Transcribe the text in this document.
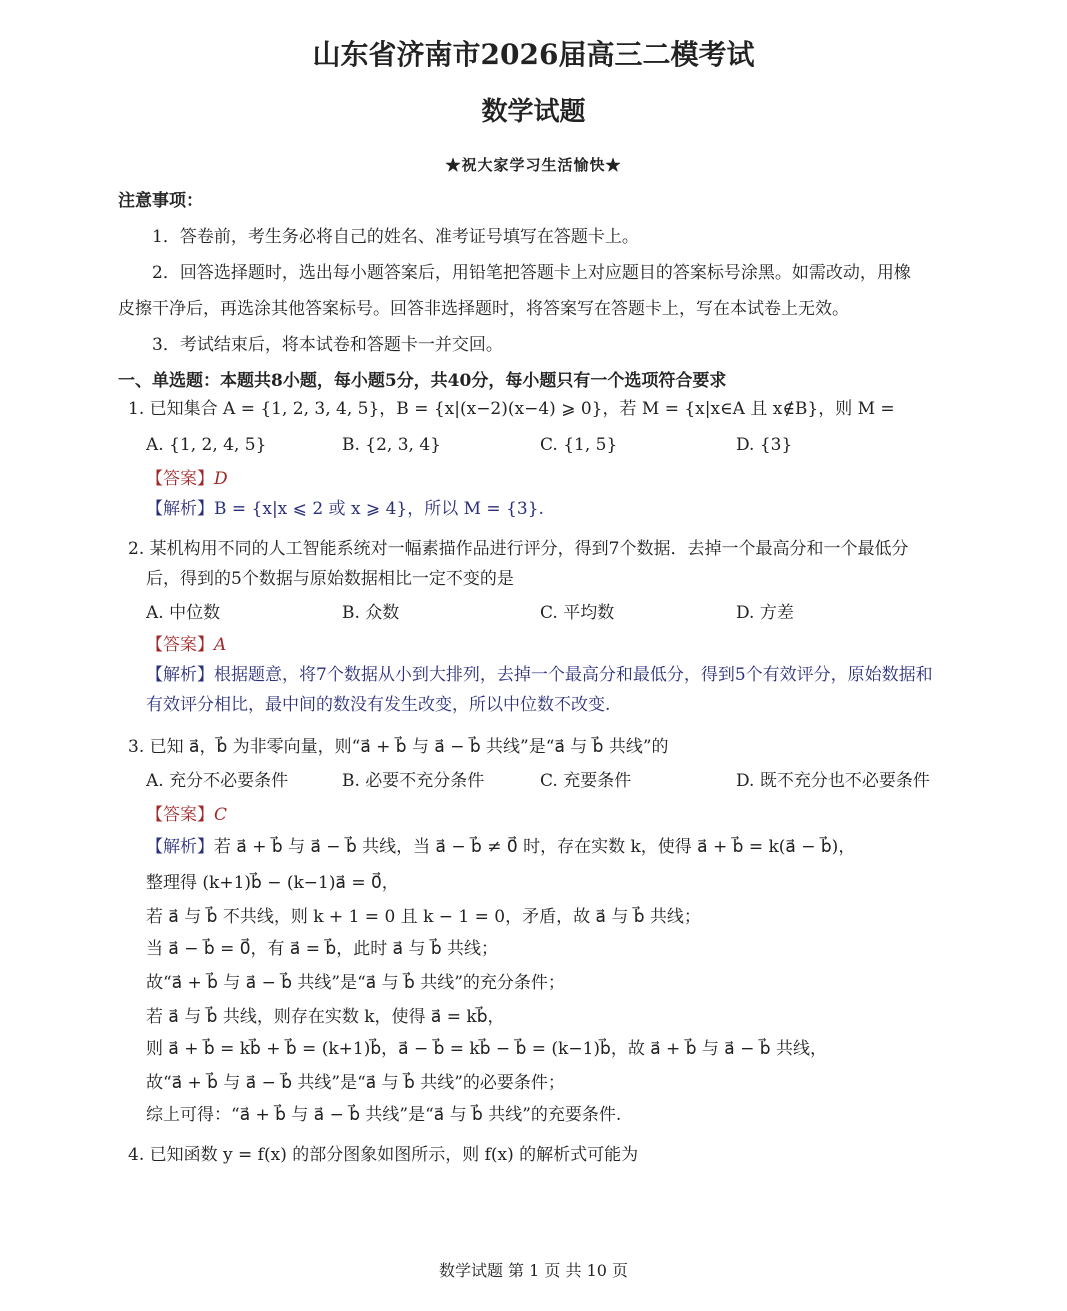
山东省济南市2026届高三二模考试
数学试题
★祝大家学习生活愉快★
注意事项：
1．答卷前，考生务必将自己的姓名、准考证号填写在答题卡上。
2．回答选择题时，选出每小题答案后，用铅笔把答题卡上对应题目的答案标号涂黑。如需改动，用橡
皮擦干净后，再选涂其他答案标号。回答非选择题时，将答案写在答题卡上，写在本试卷上无效。
3．考试结束后，将本试卷和答题卡一并交回。
一、单选题：本题共8小题，每小题5分，共40分，每小题只有一个选项符合要求
1. 已知集合 A = {1, 2, 3, 4, 5}，B = {x|(x−2)(x−4) ⩾ 0}，若 M = {x|x∈A 且 x∉B}，则 M =
A. {1, 2, 4, 5}	B. {2, 3, 4}	C. {1, 5}	D. {3}
【答案】D
【解析】B = {x|x ⩽ 2 或 x ⩾ 4}，所以 M = {3}.
2. 某机构用不同的人工智能系统对一幅素描作品进行评分，得到7个数据．去掉一个最高分和一个最低分
后，得到的5个数据与原始数据相比一定不变的是
A. 中位数	B. 众数	C. 平均数	D. 方差
【答案】A
【解析】根据题意，将7个数据从小到大排列，去掉一个最高分和最低分，得到5个有效评分，原始数据和
有效评分相比，最中间的数没有发生改变，所以中位数不改变.
3. 已知 a⃗，b⃗ 为非零向量，则“a⃗ + b⃗ 与 a⃗ − b⃗ 共线”是“a⃗ 与 b⃗ 共线”的
A. 充分不必要条件	B. 必要不充分条件	C. 充要条件	D. 既不充分也不必要条件
【答案】C
【解析】若 a⃗ + b⃗ 与 a⃗ − b⃗ 共线，当 a⃗ − b⃗ ≠ 0⃗ 时，存在实数 k，使得 a⃗ + b⃗ = k(a⃗ − b⃗)，
整理得 (k+1)b⃗ − (k−1)a⃗ = 0⃗，
若 a⃗ 与 b⃗ 不共线，则 k + 1 = 0 且 k − 1 = 0，矛盾，故 a⃗ 与 b⃗ 共线；
当 a⃗ − b⃗ = 0⃗，有 a⃗ = b⃗，此时 a⃗ 与 b⃗ 共线；
故“a⃗ + b⃗ 与 a⃗ − b⃗ 共线”是“a⃗ 与 b⃗ 共线”的充分条件；
若 a⃗ 与 b⃗ 共线，则存在实数 k，使得 a⃗ = kb⃗，
则 a⃗ + b⃗ = kb⃗ + b⃗ = (k+1)b⃗，a⃗ − b⃗ = kb⃗ − b⃗ = (k−1)b⃗，故 a⃗ + b⃗ 与 a⃗ − b⃗ 共线，
故“a⃗ + b⃗ 与 a⃗ − b⃗ 共线”是“a⃗ 与 b⃗ 共线”的必要条件；
综上可得：“a⃗ + b⃗ 与 a⃗ − b⃗ 共线”是“a⃗ 与 b⃗ 共线”的充要条件.
4. 已知函数 y = f(x) 的部分图象如图所示，则 f(x) 的解析式可能为
数学试题 第 1 页 共 10 页
